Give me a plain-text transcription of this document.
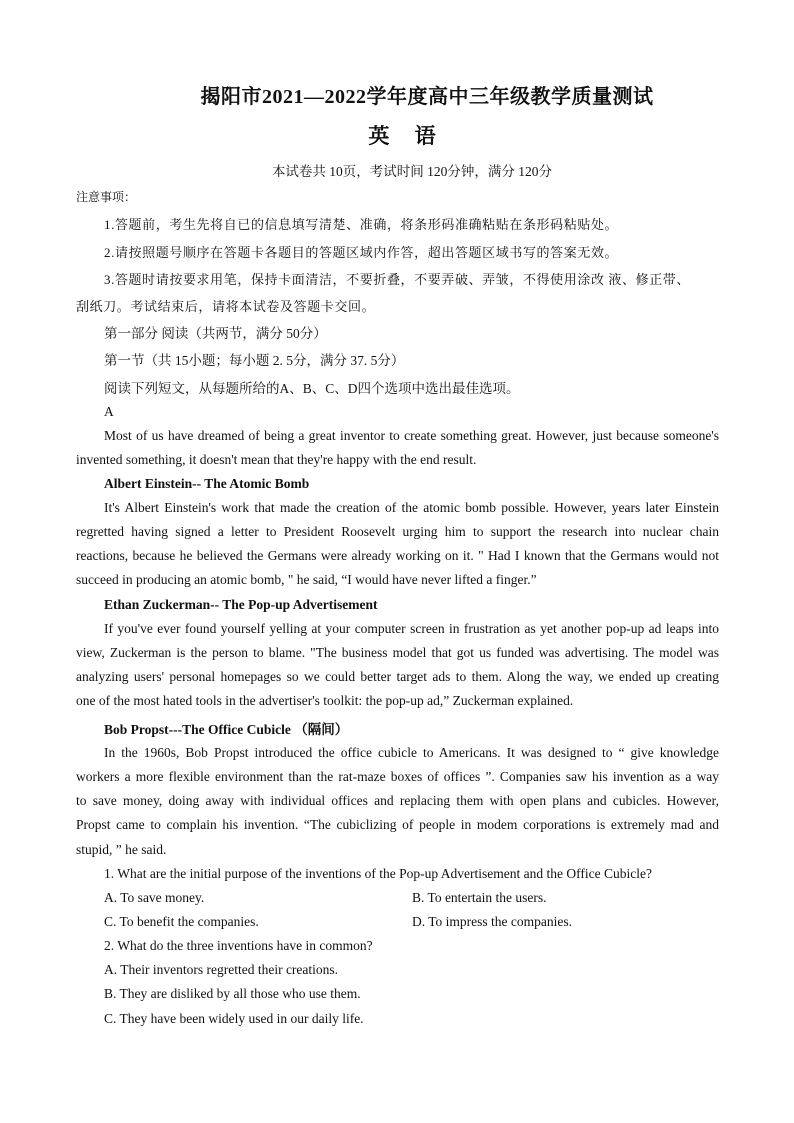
揭阳市2021—2022学年度高中三年级教学质量测试
英 语
本试卷共 10页，考试时间 120分钟，满分 120分
注意事项：
1.答题前，考生先将自已的信息填写清楚、准确，将条形码准确粘贴在条形码粘贴处。
2.请按照题号顺序在答题卡各题目的答题区域内作答，超出答题区域书写的答案无效。
3.答题时请按要求用笔，保持卡面清洁，不要折叠，不要弄破、弄皱，不得使用涂改 液、修正带、
刮纸刀。考试结束后，请将本试卷及答题卡交回。
第一部分 阅读（共两节，满分 50分）
第一节（共 15小题；每小题 2. 5分，满分 37. 5分）
阅读下列短文，从每题所给的A、B、C、D四个选项中选出最佳选项。
A
Most of us have dreamed of being a great inventor to create something great. However, just because someone's
invented something, it doesn't mean that they're happy with the end result.
Albert Einstein-- The Atomic Bomb
It's Albert Einstein's work that made the creation of the atomic bomb possible. However, years later Einstein
regretted having signed a letter to President Roosevelt urging him to support the research into nuclear chain
reactions, because he believed the Germans were already working on it. " Had I known that the Germans would not
succeed in producing an atomic bomb, " he said, “I would have never lifted a finger.”
Ethan Zuckerman-- The Pop-up Advertisement
If you've ever found yourself yelling at your computer screen in frustration as yet another pop-up ad leaps into
view, Zuckerman is the person to blame. "The business model that got us funded was advertising. The model was
analyzing users' personal homepages so we could better target ads to them. Along the way, we ended up creating
one of the most hated tools in the advertiser's toolkit: the pop-up ad,” Zuckerman explained.
Bob Propst---The Office Cubicle （隔间）
In the 1960s, Bob Propst introduced the office cubicle to Americans. It was designed to “ give knowledge
workers a more flexible environment than the rat-maze boxes of offices ”. Companies saw his invention as a way
to save money, doing away with individual offices and replacing them with open plans and cubicles. However,
Propst came to complain his invention. “The cubiclizing of people in modem corporations is extremely mad and
stupid, ” he said.
1. What are the initial purpose of the inventions of the Pop-up Advertisement and the Office Cubicle?
A. To save money.	B. To entertain the users.
C. To benefit the companies.	D. To impress the companies.
2. What do the three inventions have in common?
A. Their inventors regretted their creations.
B. They are disliked by all those who use them.
C. They have been widely used in our daily life.
